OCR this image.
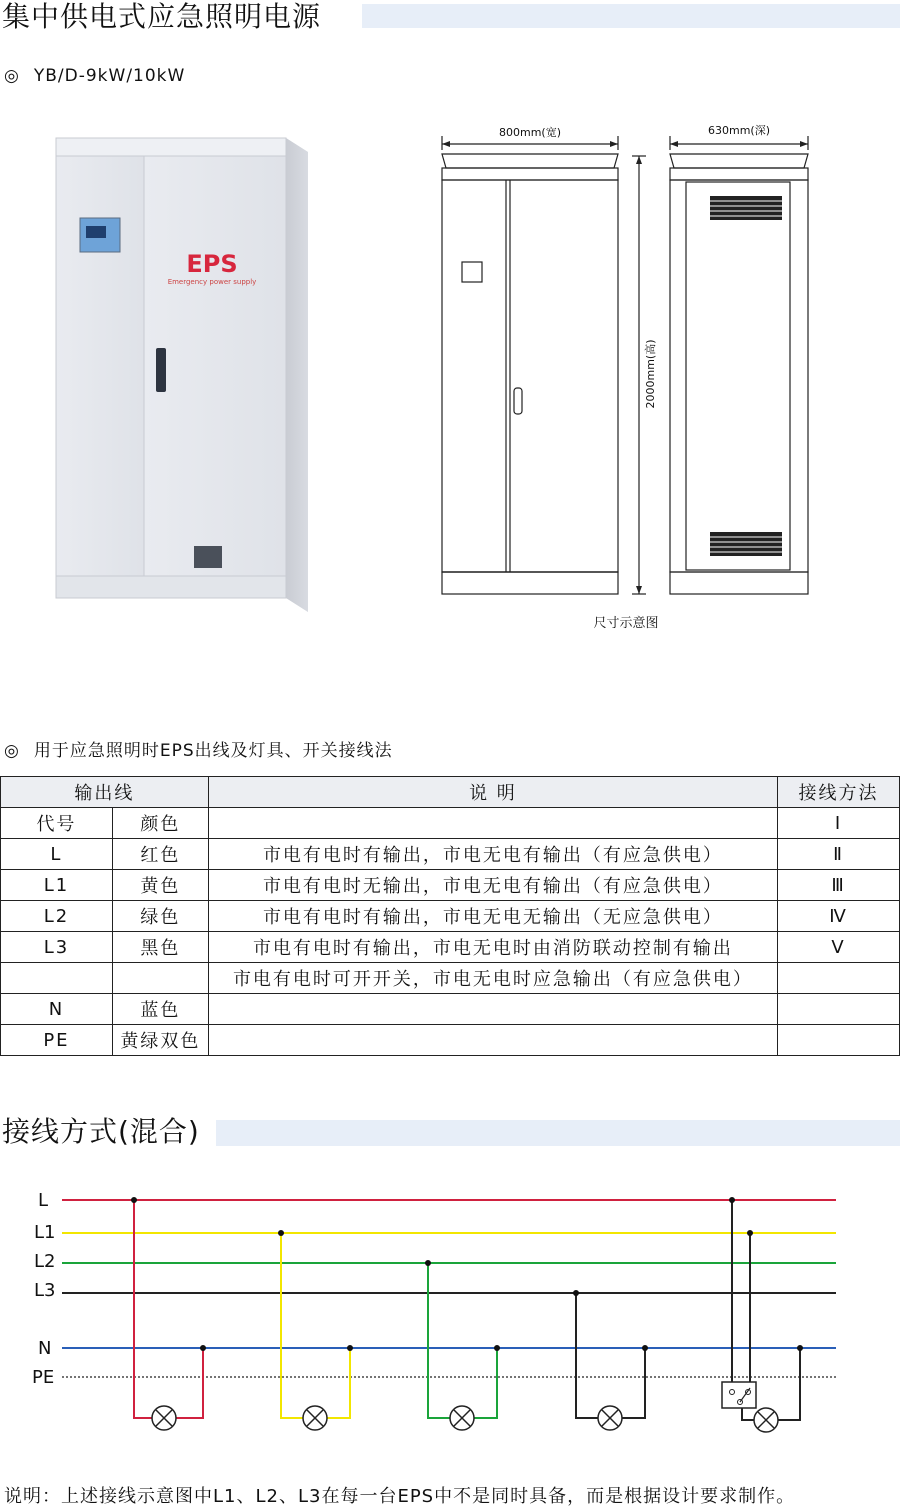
集中供电式应急照明电源
◎ YB/D-9kW/10kW
EPS
Emergency power supply
800mm(宽)	630mm(深)
2000mm(高)
尺寸示意图
◎ 用于应急照明时EPS出线及灯具、开关接线法
输出线		说 明	接线方法
代号	颜色		Ⅰ
L	红色	市电有电时有输出，市电无电有输出（有应急供电）	Ⅱ
L1	黄色	市电有电时无输出，市电无电有输出（有应急供电）	Ⅲ
L2	绿色	市电有电时有输出，市电无电无输出（无应急供电）	Ⅳ
L3	黑色	市电有电时有输出，市电无电时由消防联动控制有输出	Ⅴ
		市电有电时可开开关，市电无电时应急输出（有应急供电）	
N	蓝色		
PE	黄绿双色		
接线方式(混合)
L
L1
L2
L3
N
PE
说明：上述接线示意图中L1、L2、L3在每一台EPS中不是同时具备，而是根据设计要求制作。
